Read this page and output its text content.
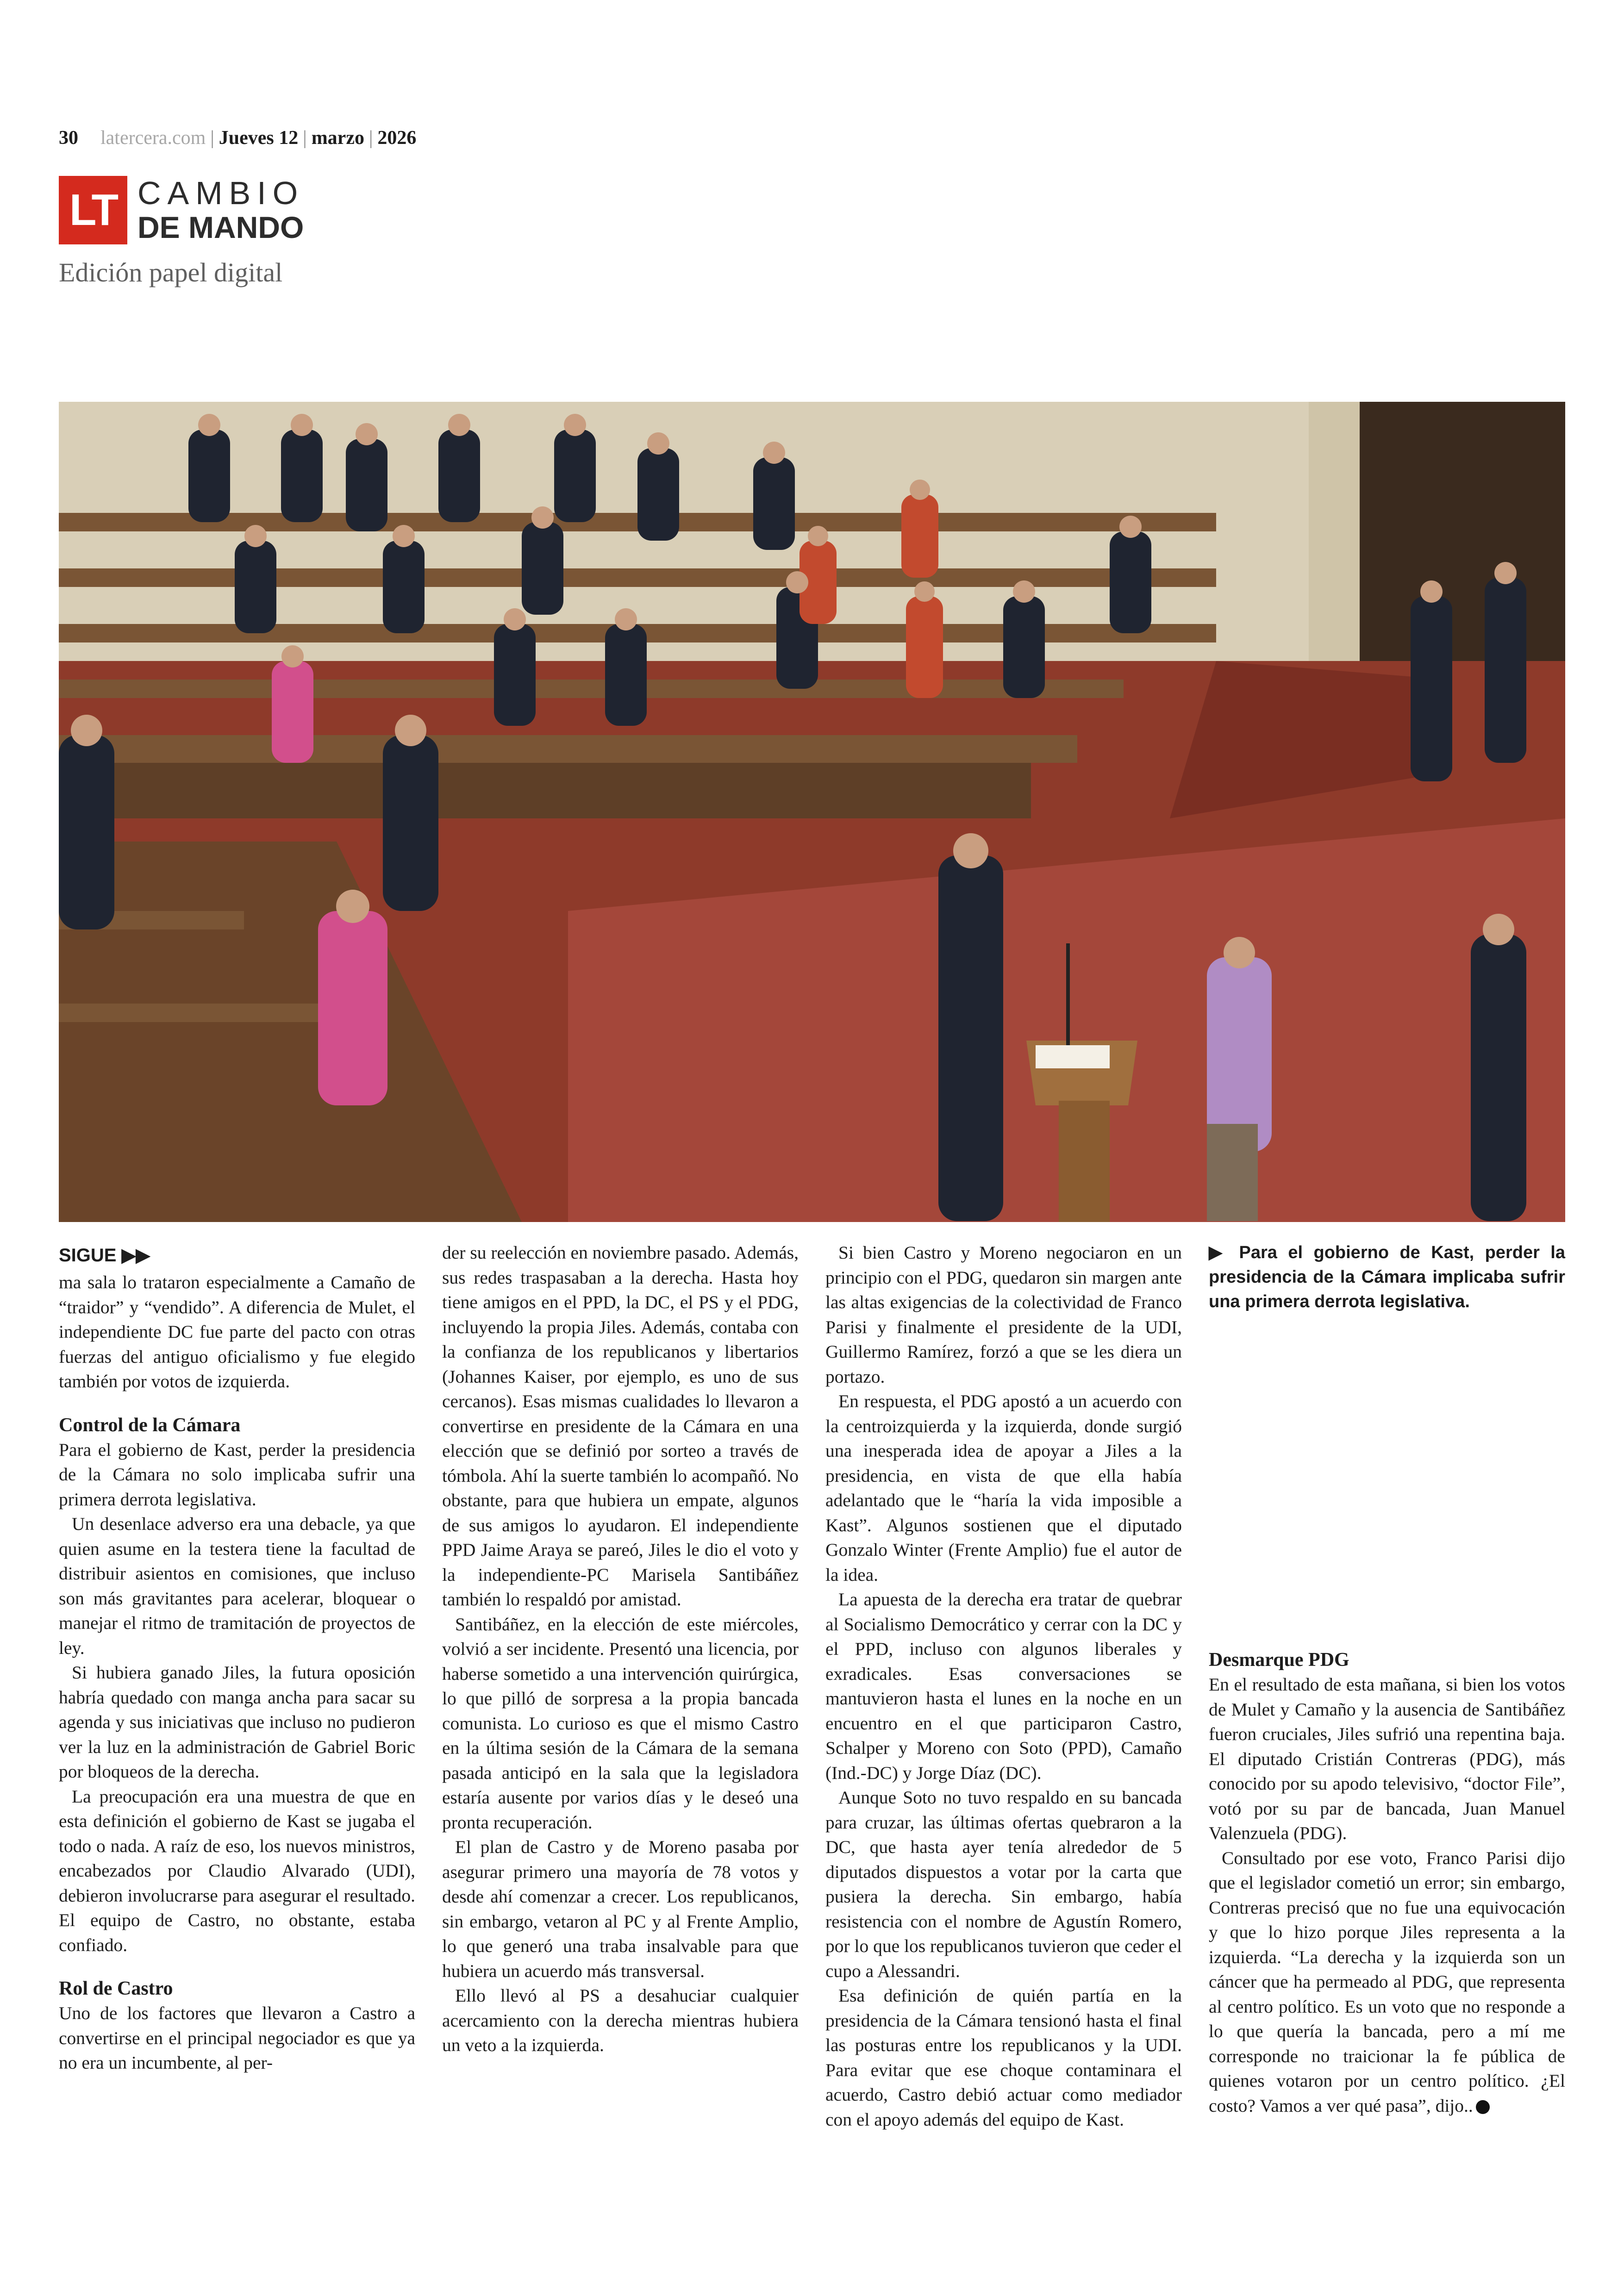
30 latercera.com | Jueves 12 | marzo | 2026
LT CAMBIO
DE MANDO
Edición papel digital
SIGUE ▶▶

ma sala lo trataron especialmente a Camaño de “traidor” y “vendido”. A diferencia de Mulet, el independiente DC fue parte del pacto con otras fuerzas del antiguo oficialismo y fue elegido también por votos de izquierda.

Control de la Cámara

Para el gobierno de Kast, perder la presidencia de la Cámara no solo implicaba sufrir una primera derrota legislativa.

Un desenlace adverso era una debacle, ya que quien asume en la testera tiene la facultad de distribuir asientos en comisiones, que incluso son más gravitantes para acelerar, bloquear o manejar el ritmo de tramitación de proyectos de ley.

Si hubiera ganado Jiles, la futura oposición habría quedado con manga ancha para sacar su agenda y sus iniciativas que incluso no pudieron ver la luz en la administración de Gabriel Boric por bloqueos de la derecha.

La preocupación era una muestra de que en esta definición el gobierno de Kast se jugaba el todo o nada. A raíz de eso, los nuevos ministros, encabezados por Claudio Alvarado (UDI), debieron involucrarse para asegurar el resultado. El equipo de Castro, no obstante, estaba confiado.

Rol de Castro

Uno de los factores que llevaron a Castro a convertirse en el principal negociador es que ya no era un incumbente, al per-

der su reelección en noviembre pasado. Además, sus redes traspasaban a la derecha. Hasta hoy tiene amigos en el PPD, la DC, el PS y el PDG, incluyendo la propia Jiles. Además, contaba con la confianza de los republicanos y libertarios (Johannes Kaiser, por ejemplo, es uno de sus cercanos). Esas mismas cualidades lo llevaron a convertirse en presidente de la Cámara en una elección que se definió por sorteo a través de tómbola. Ahí la suerte también lo acompañó. No obstante, para que hubiera un empate, algunos de sus amigos lo ayudaron. El independiente PPD Jaime Araya se pareó, Jiles le dio el voto y la independiente-PC Marisela Santibáñez también lo respaldó por amistad.

Santibáñez, en la elección de este miércoles, volvió a ser incidente. Presentó una licencia, por haberse sometido a una intervención quirúrgica, lo que pilló de sorpresa a la propia bancada comunista. Lo curioso es que el mismo Castro en la última sesión de la Cámara de la semana pasada anticipó en la sala que la legisladora estaría ausente por varios días y le deseó una pronta recuperación.

El plan de Castro y de Moreno pasaba por asegurar primero una mayoría de 78 votos y desde ahí comenzar a crecer. Los republicanos, sin embargo, vetaron al PC y al Frente Amplio, lo que generó una traba insalvable para que hubiera un acuerdo más transversal.

Ello llevó al PS a desahuciar cualquier acercamiento con la derecha mientras hubiera un veto a la izquierda.

Si bien Castro y Moreno negociaron en un principio con el PDG, quedaron sin margen ante las altas exigencias de la colectividad de Franco Parisi y finalmente el presidente de la UDI, Guillermo Ramírez, forzó a que se les diera un portazo.

En respuesta, el PDG apostó a un acuerdo con la centroizquierda y la izquierda, donde surgió una inesperada idea de apoyar a Jiles a la presidencia, en vista de que ella había adelantado que le “haría la vida imposible a Kast”. Algunos sostienen que el diputado Gonzalo Winter (Frente Amplio) fue el autor de la idea.

La apuesta de la derecha era tratar de quebrar al Socialismo Democrático y cerrar con la DC y el PPD, incluso con algunos liberales y exradicales. Esas conversaciones se mantuvieron hasta el lunes en la noche en un encuentro en el que participaron Castro, Schalper y Moreno con Soto (PPD), Camaño (Ind.-DC) y Jorge Díaz (DC).

Aunque Soto no tuvo respaldo en su bancada para cruzar, las últimas ofertas quebraron a la DC, que hasta ayer tenía alrededor de 5 diputados dispuestos a votar por la carta que pusiera la derecha. Sin embargo, había resistencia con el nombre de Agustín Romero, por lo que los republicanos tuvieron que ceder el cupo a Alessandri.

Esa definición de quién partía en la presidencia de la Cámara tensionó hasta el final las posturas entre los republicanos y la UDI. Para evitar que ese choque contaminara el acuerdo, Castro debió actuar como mediador con el apoyo además del equipo de Kast.

▶ Para el gobierno de Kast, perder la presidencia de la Cámara implicaba sufrir una primera derrota legislativa.

Desmarque PDG

En el resultado de esta mañana, si bien los votos de Mulet y Camaño y la ausencia de Santibáñez fueron cruciales, Jiles sufrió una repentina baja. El diputado Cristián Contreras (PDG), más conocido por su apodo televisivo, “doctor File”, votó por su par de bancada, Juan Manuel Valenzuela (PDG).

Consultado por ese voto, Franco Parisi dijo que el legislador cometió un error; sin embargo, Contreras precisó que no fue una equivocación y que lo hizo porque Jiles representa a la izquierda. “La derecha y la izquierda son un cáncer que ha permeado al PDG, que representa al centro político. Es un voto que no responde a lo que quería la bancada, pero a mí me corresponde no traicionar la fe pública de quienes votaron por un centro político. ¿El costo? Vamos a ver qué pasa”, dijo..
